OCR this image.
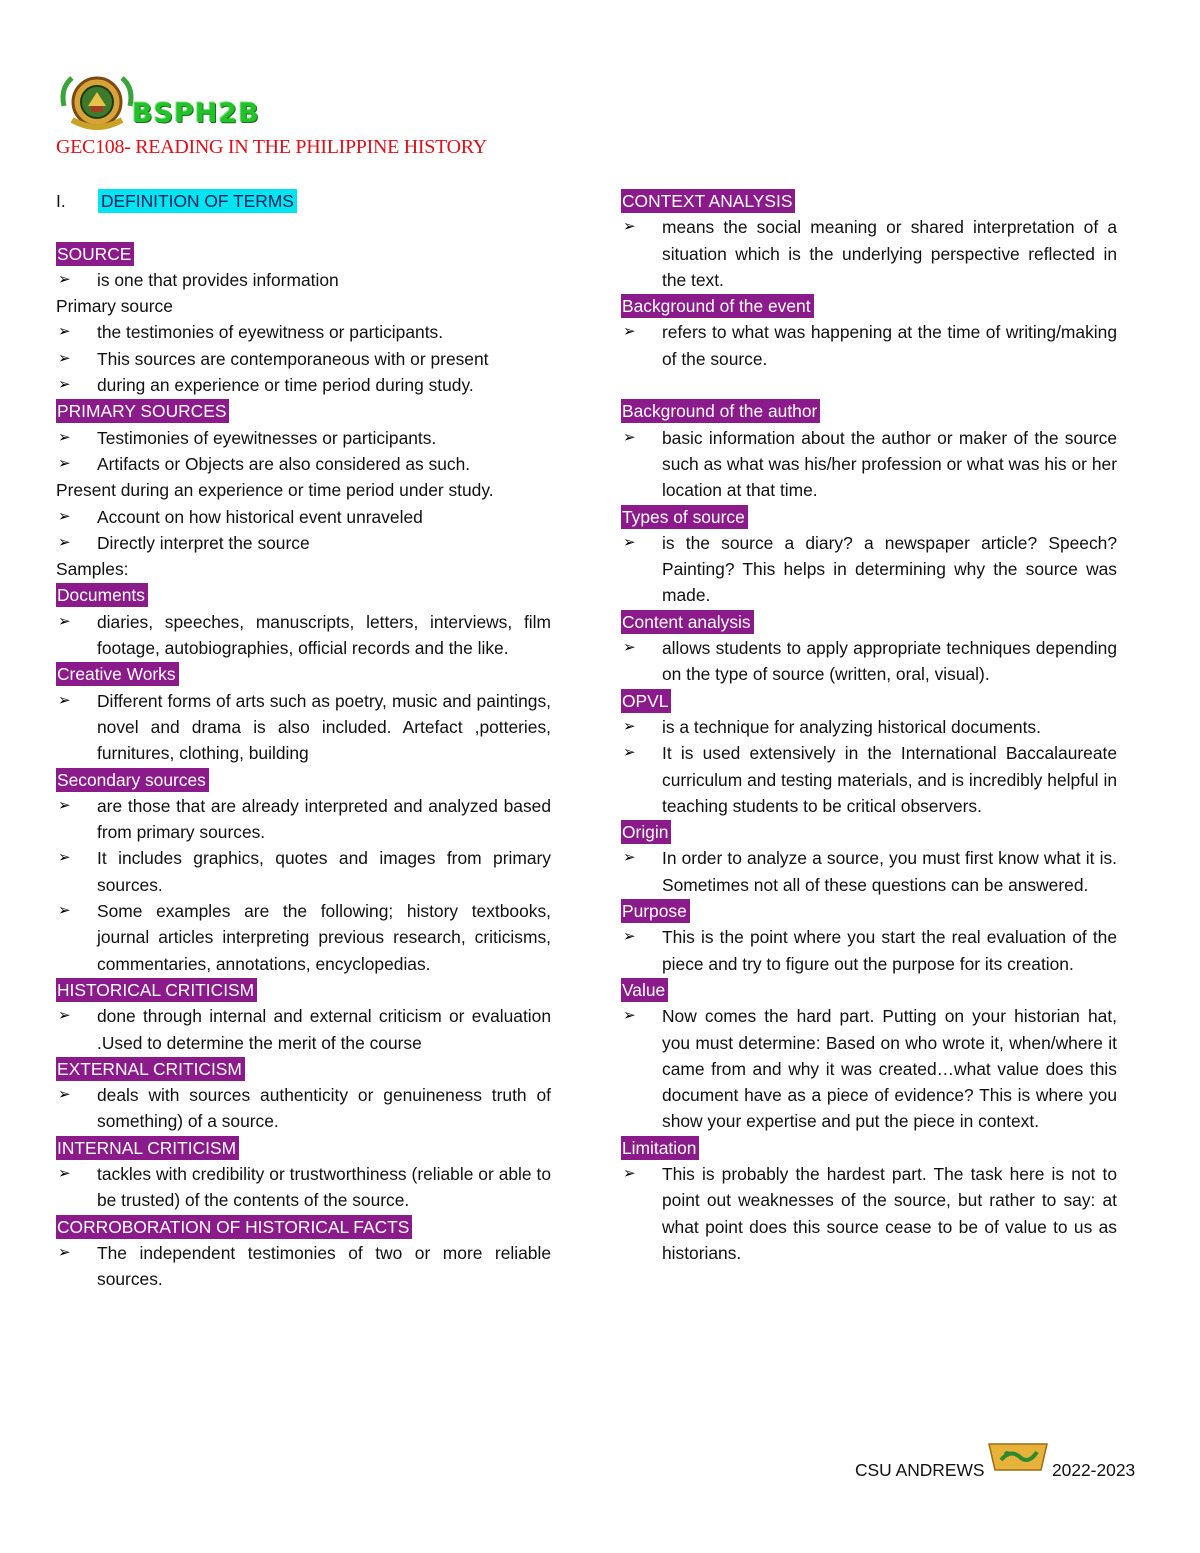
BSPH2B
GEC108- READING IN THE PHILIPPINE HISTORY
I.	DEFINITION OF TERMS
SOURCE
➢ is one that provides information

Primary source

➢ the testimonies of eyewitness or participants.
➢ This sources are contemporaneous with or present
➢ during an experience or time period during study.
PRIMARY SOURCES
➢ Testimonies of eyewitnesses or participants.
➢ Artifacts or Objects are also considered as such.

Present during an experience or time period under study.

➢ Account on how historical event unraveled
➢ Directly interpret the source

Samples:

Documents
➢ diaries, speeches, manuscripts, letters, interviews, film footage, autobiographies, official records and the like.
Creative Works
➢ Different forms of arts such as poetry, music and paintings, novel and drama is also included. Artefact ,potteries, furnitures, clothing, building
Secondary sources
➢ are those that are already interpreted and analyzed based from primary sources.
➢ It includes graphics, quotes and images from primary sources.
➢ Some examples are the following; history textbooks, journal articles interpreting previous research, criticisms, commentaries, annotations, encyclopedias.
HISTORICAL CRITICISM
➢ done through internal and external criticism or evaluation .Used to determine the merit of the course
EXTERNAL CRITICISM
➢ deals with sources authenticity or genuineness truth of something) of a source.
INTERNAL CRITICISM
➢ tackles with credibility or trustworthiness (reliable or able to be trusted) of the contents of the source.
CORROBORATION OF HISTORICAL FACTS
➢ The independent testimonies of two or more reliable sources.
CONTEXT ANALYSIS
➢ means the social meaning or shared interpretation of a situation which is the underlying perspective reflected in the text.
Background of the event
➢ refers to what was happening at the time of writing/making of the source.
Background of the author
➢ basic information about the author or maker of the source such as what was his/her profession or what was his or her location at that time.
Types of source
➢ is the source a diary? a newspaper article? Speech? Painting? This helps in determining why the source was made.
Content analysis
➢ allows students to apply appropriate techniques depending on the type of source (written, oral, visual).
OPVL
➢ is a technique for analyzing historical documents.
➢ It is used extensively in the International Baccalaureate curriculum and testing materials, and is incredibly helpful in teaching students to be critical observers.
Origin
➢ In order to analyze a source, you must first know what it is. Sometimes not all of these questions can be answered.
Purpose
➢ This is the point where you start the real evaluation of the piece and try to figure out the purpose for its creation.
Value
➢ Now comes the hard part. Putting on your historian hat, you must determine: Based on who wrote it, when/where it came from and why it was created…what value does this document have as a piece of evidence? This is where you show your expertise and put the piece in context.
Limitation
➢ This is probably the hardest part. The task here is not to point out weaknesses of the source, but rather to say: at what point does this source cease to be of value to us as historians.
CSU ANDREWS	2022-2023
